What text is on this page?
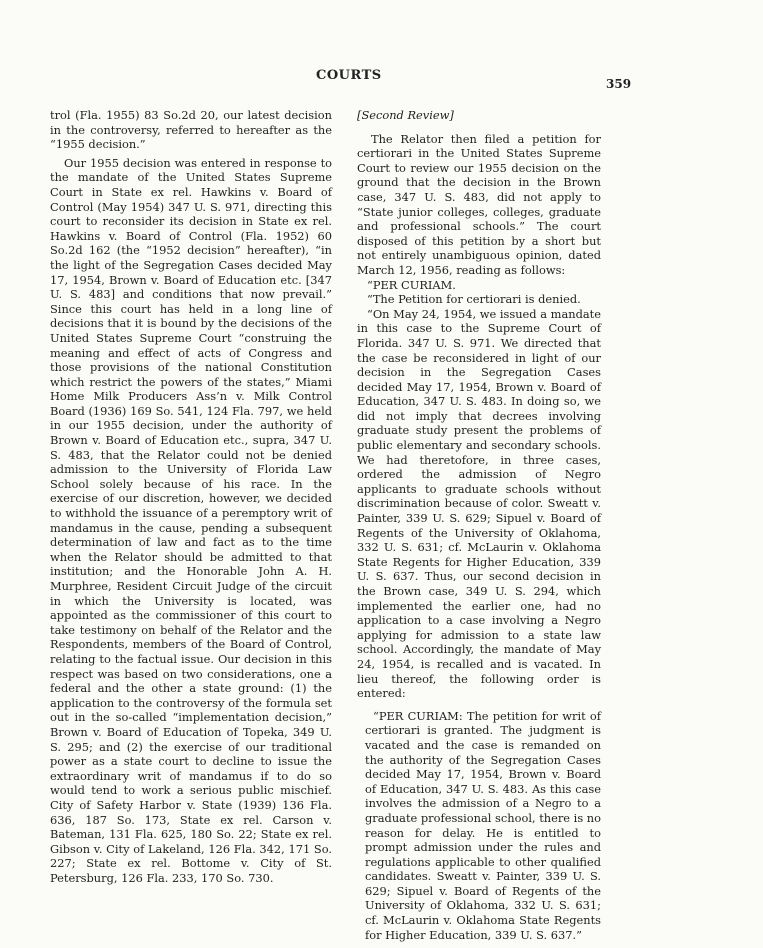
COURTS
359

trol (Fla. 1955) 83 So.2d 20, our latest decision in the controversy, referred to hereafter as the “1955 decision.”

Our 1955 decision was entered in response to the mandate of the United States Supreme Court in State ex rel. Hawkins v. Board of Control (May 1954) 347 U. S. 971, directing this court to reconsider its decision in State ex rel. Hawkins v. Board of Control (Fla. 1952) 60 So.2d 162 (the “1952 decision” hereafter), “in the light of the Segregation Cases decided May 17, 1954, Brown v. Board of Education etc. [347 U. S. 483] and conditions that now prevail.” Since this court has held in a long line of decisions that it is bound by the decisions of the United States Supreme Court “construing the meaning and effect of acts of Congress and those provisions of the national Constitution which restrict the powers of the states,” Miami Home Milk Producers Ass’n v. Milk Control Board (1936) 169 So. 541, 124 Fla. 797, we held in our 1955 decision, under the authority of Brown v. Board of Education etc., supra, 347 U. S. 483, that the Relator could not be denied admission to the University of Florida Law School solely because of his race. In the exercise of our discretion, however, we decided to withhold the issuance of a peremptory writ of mandamus in the cause, pending a subsequent determination of law and fact as to the time when the Relator should be admitted to that institution; and the Honorable John A. H. Murphree, Resident Circuit Judge of the circuit in which the University is located, was appointed as the commissioner of this court to take testimony on behalf of the Relator and the Respondents, members of the Board of Control, relating to the factual issue. Our decision in this respect was based on two considerations, one a federal and the other a state ground: (1) the application to the controversy of the formula set out in the so-called “implementation decision,” Brown v. Board of Education of Topeka, 349 U. S. 295; and (2) the exercise of our traditional power as a state court to decline to issue the extraordinary writ of mandamus if to do so would tend to work a serious public mischief. City of Safety Harbor v. State (1939) 136 Fla. 636, 187 So. 173, State ex rel. Carson v. Bateman, 131 Fla. 625, 180 So. 22; State ex rel. Gibson v. City of Lakeland, 126 Fla. 342, 171 So. 227; State ex rel. Bottome v. City of St. Petersburg, 126 Fla. 233, 170 So. 730.

[Second Review]

The Relator then filed a petition for certiorari in the United States Supreme Court to review our 1955 decision on the ground that the decision in the Brown case, 347 U. S. 483, did not apply to “State junior colleges, colleges, graduate and professional schools.” The court disposed of this petition by a short but not entirely unambiguous opinion, dated March 12, 1956, reading as follows:

“PER CURIAM.

“The Petition for certiorari is denied.

“On May 24, 1954, we issued a mandate in this case to the Supreme Court of Florida. 347 U. S. 971. We directed that the case be reconsidered in light of our decision in the Segregation Cases decided May 17, 1954, Brown v. Board of Education, 347 U. S. 483. In doing so, we did not imply that decrees involving graduate study present the problems of public elementary and secondary schools. We had theretofore, in three cases, ordered the admission of Negro applicants to graduate schools without discrimination because of color. Sweatt v. Painter, 339 U. S. 629; Sipuel v. Board of Regents of the University of Oklahoma, 332 U. S. 631; cf. McLaurin v. Oklahoma State Regents for Higher Education, 339 U. S. 637. Thus, our second decision in the Brown case, 349 U. S. 294, which implemented the earlier one, had no application to a case involving a Negro applying for admission to a state law school. Accordingly, the mandate of May 24, 1954, is recalled and is vacated. In lieu thereof, the following order is entered:

“PER CURIAM: The petition for writ of certiorari is granted. The judgment is vacated and the case is remanded on the authority of the Segregation Cases decided May 17, 1954, Brown v. Board of Education, 347 U. S. 483. As this case involves the admission of a Negro to a graduate professional school, there is no reason for delay. He is entitled to prompt admission under the rules and regulations applicable to other qualified candidates. Sweatt v. Painter, 339 U. S. 629; Sipuel v. Board of Regents of the University of Oklahoma, 332 U. S. 631; cf. McLaurin v. Oklahoma State Regents for Higher Education, 339 U. S. 637.”
